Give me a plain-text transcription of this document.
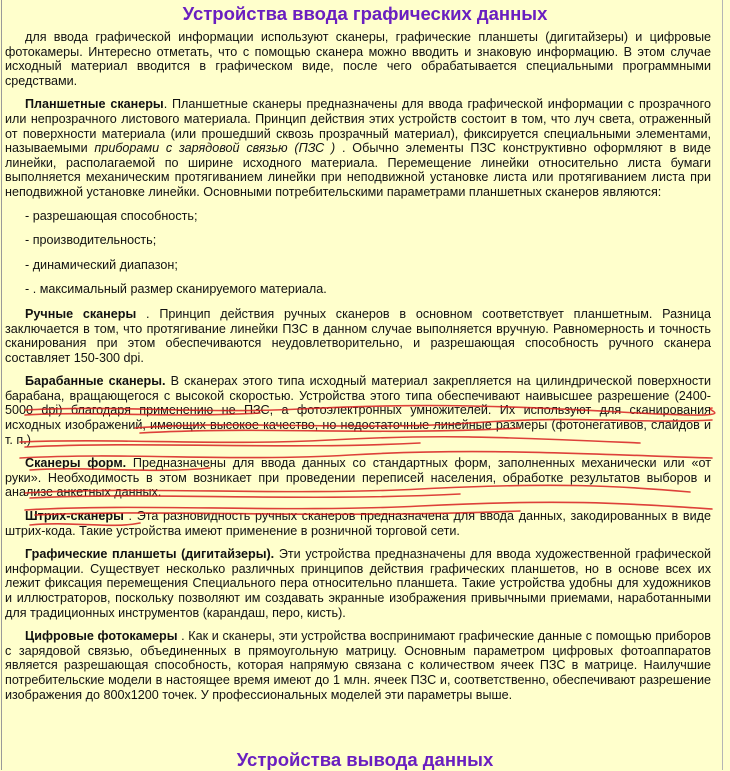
Устройства ввода графических данных

для ввода графической информации используют сканеры, графические планшеты (дигитайзеры) и цифровые фотокамеры. Интересно отметать, что с помощью сканера можно вводить и знаковую информацию. В этом случае исходный материал вводится в графическом виде, после чего обрабатывается специальными программными средствами.

Планшетные сканеры. Планшетные сканеры предназначены для ввода графической информации с прозрачного или непрозрачного листового материала. Принцип действия этих устройств состоит в том, что луч света, отраженный от поверхности материала (или прошедший сквозь прозрачный материал), фиксируется специальными элементами, называемыми приборами с зарядовой связью (ПЗС ) . Обычно элементы ПЗС конструктивно оформляют в виде линейки, располагаемой по ширине исходного материала. Перемещение линейки относительно листа бумаги выполняется механическим протягиванием линейки при неподвижной установке листа или протягиванием листа при неподвижной установке линейки. Основными потребительскими параметрами планшетных сканеров являются:

- разрешающая способность;

- производительность;

- динамический диапазон;

- . максимальный размер сканируемого материала.

Ручные сканеры . Принцип действия ручных сканеров в основном соответствует планшетным. Разница заключается в том, что протягивание линейки ПЗС в данном случае выполняется вручную. Равномерность и точность сканирования при этом обеспечиваются неудовлетворительно, и разрешающая способность ручного сканера составляет 150-300 dpi.

Барабанные сканеры. В сканерах этого типа исходный материал закрепляется на цилиндрической поверхности барабана, вращающегося с высокой скоростью. Устройства этого типа обеспечивают наивысшее разрешение (2400-5000 dpi) благодаря применению не ПЗС, а фотоэлектронных умножителей. Их используют для сканирования исходных изображений, имеющих высокое качество, но недостаточные линейные размеры (фотонегативов, слайдов и т. п.)

Сканеры форм. Предназначены для ввода данных со стандартных форм, заполненных механически или «от руки». Необходимость в этом возникает при проведении переписей населения, обработке результатов выборов и анализе анкетных данных.

Штрих-сканеры . Эта разновидность ручных сканеров предназначена для ввода данных, закодированных в виде штрих-кода. Такие устройства имеют применение в розничной торговой сети.

Графические планшеты (дигитайзеры). Эти устройства предназначены для ввода художественной графической информации. Существует несколько различных принципов действия графических планшетов, но в основе всех их лежит фиксация перемещения Специального пера относительно планшета. Такие устройства удобны для художников и иллюстраторов, поскольку позволяют им создавать экранные изображения привычными приемами, наработанными для традиционных инструментов (карандаш, перо, кисть).

Цифровые фотокамеры . Как и сканеры, эти устройства воспринимают графические данные с помощью приборов с зарядовой связью, объединенных в прямоугольную матрицу. Основным параметром цифровых фотоаппаратов является разрешающая способность, которая напрямую связана с количеством ячеек ПЗС в матрице. Наилучшие потребительские модели в настоящее время имеют до 1 млн. ячеек ПЗС и, соответственно, обеспечивают разрешение изображения до 800х1200 точек. У профессиональных моделей эти параметры выше.

Устройства вывода данных
